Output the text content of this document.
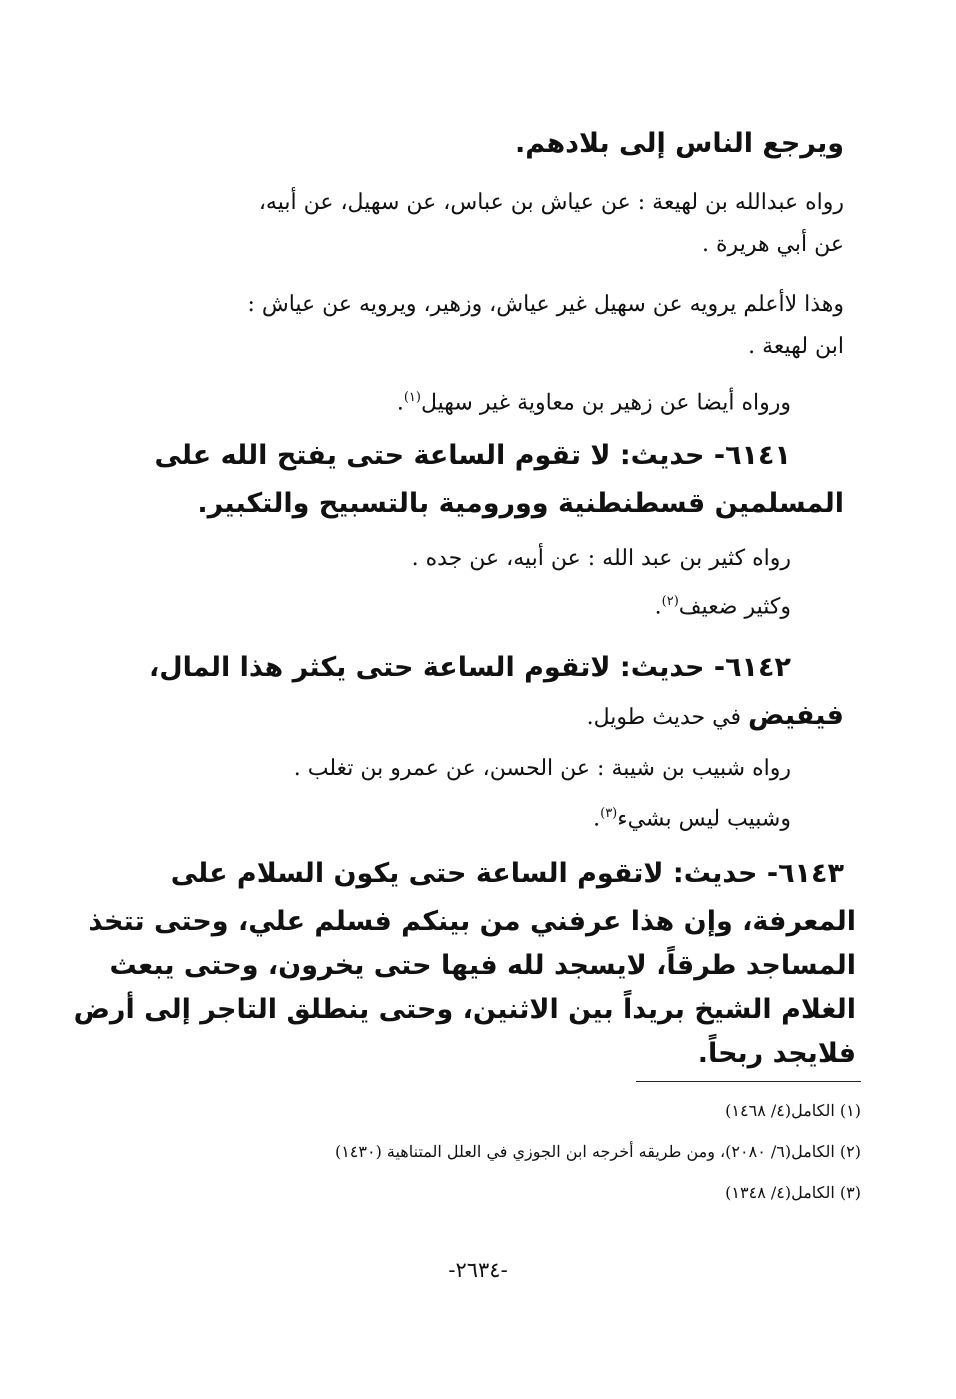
ويرجع الناس إلى بلادهم.
رواه عبدالله بن لهيعة : عن عياش بن عباس، عن سهيل، عن أبيه،
عن أبي هريرة .
وهذا لاأعلم يرويه عن سهيل غير عياش، وزهير، ويرويه عن عياش :
ابن لهيعة .
ورواه أيضا عن زهير بن معاوية غير سهيل$^{(١)}$.
٦١٤١- حديث: لا تقوم الساعة حتى يفتح الله على
المسلمين قسطنطنية وورومية بالتسبيح والتكبير.
رواه كثير بن عبد الله : عن أبيه، عن جده .
وكثير ضعيف$^{(٢)}$.
٦١٤٢- حديث: لاتقوم الساعة حتى يكثر هذا المال،
فيفيض في حديث طويل.
رواه شبيب بن شيبة : عن الحسن، عن عمرو بن تغلب .
وشبيب ليس بشيء$^{(٣)}$.
٦١٤٣- حديث: لاتقوم الساعة حتى يكون السلام على
المعرفة، وإن هذا عرفني من بينكم فسلم علي، وحتى تتخذ
المساجد طرقاً، لايسجد لله فيها حتى يخرون، وحتى يبعث
الغلام الشيخ بريداً بين الاثنين، وحتى ينطلق التاجر إلى أرض
فلايجد ربحاً.
(١) الكامل(٤/ ١٤٦٨)
(٢) الكامل(٦/ ٢٠٨٠)، ومن طريقه أخرجه ابن الجوزي في العلل المتناهية (١٤٣٠)
(٣) الكامل(٤/ ١٣٤٨)
-٢٦٣٤-
